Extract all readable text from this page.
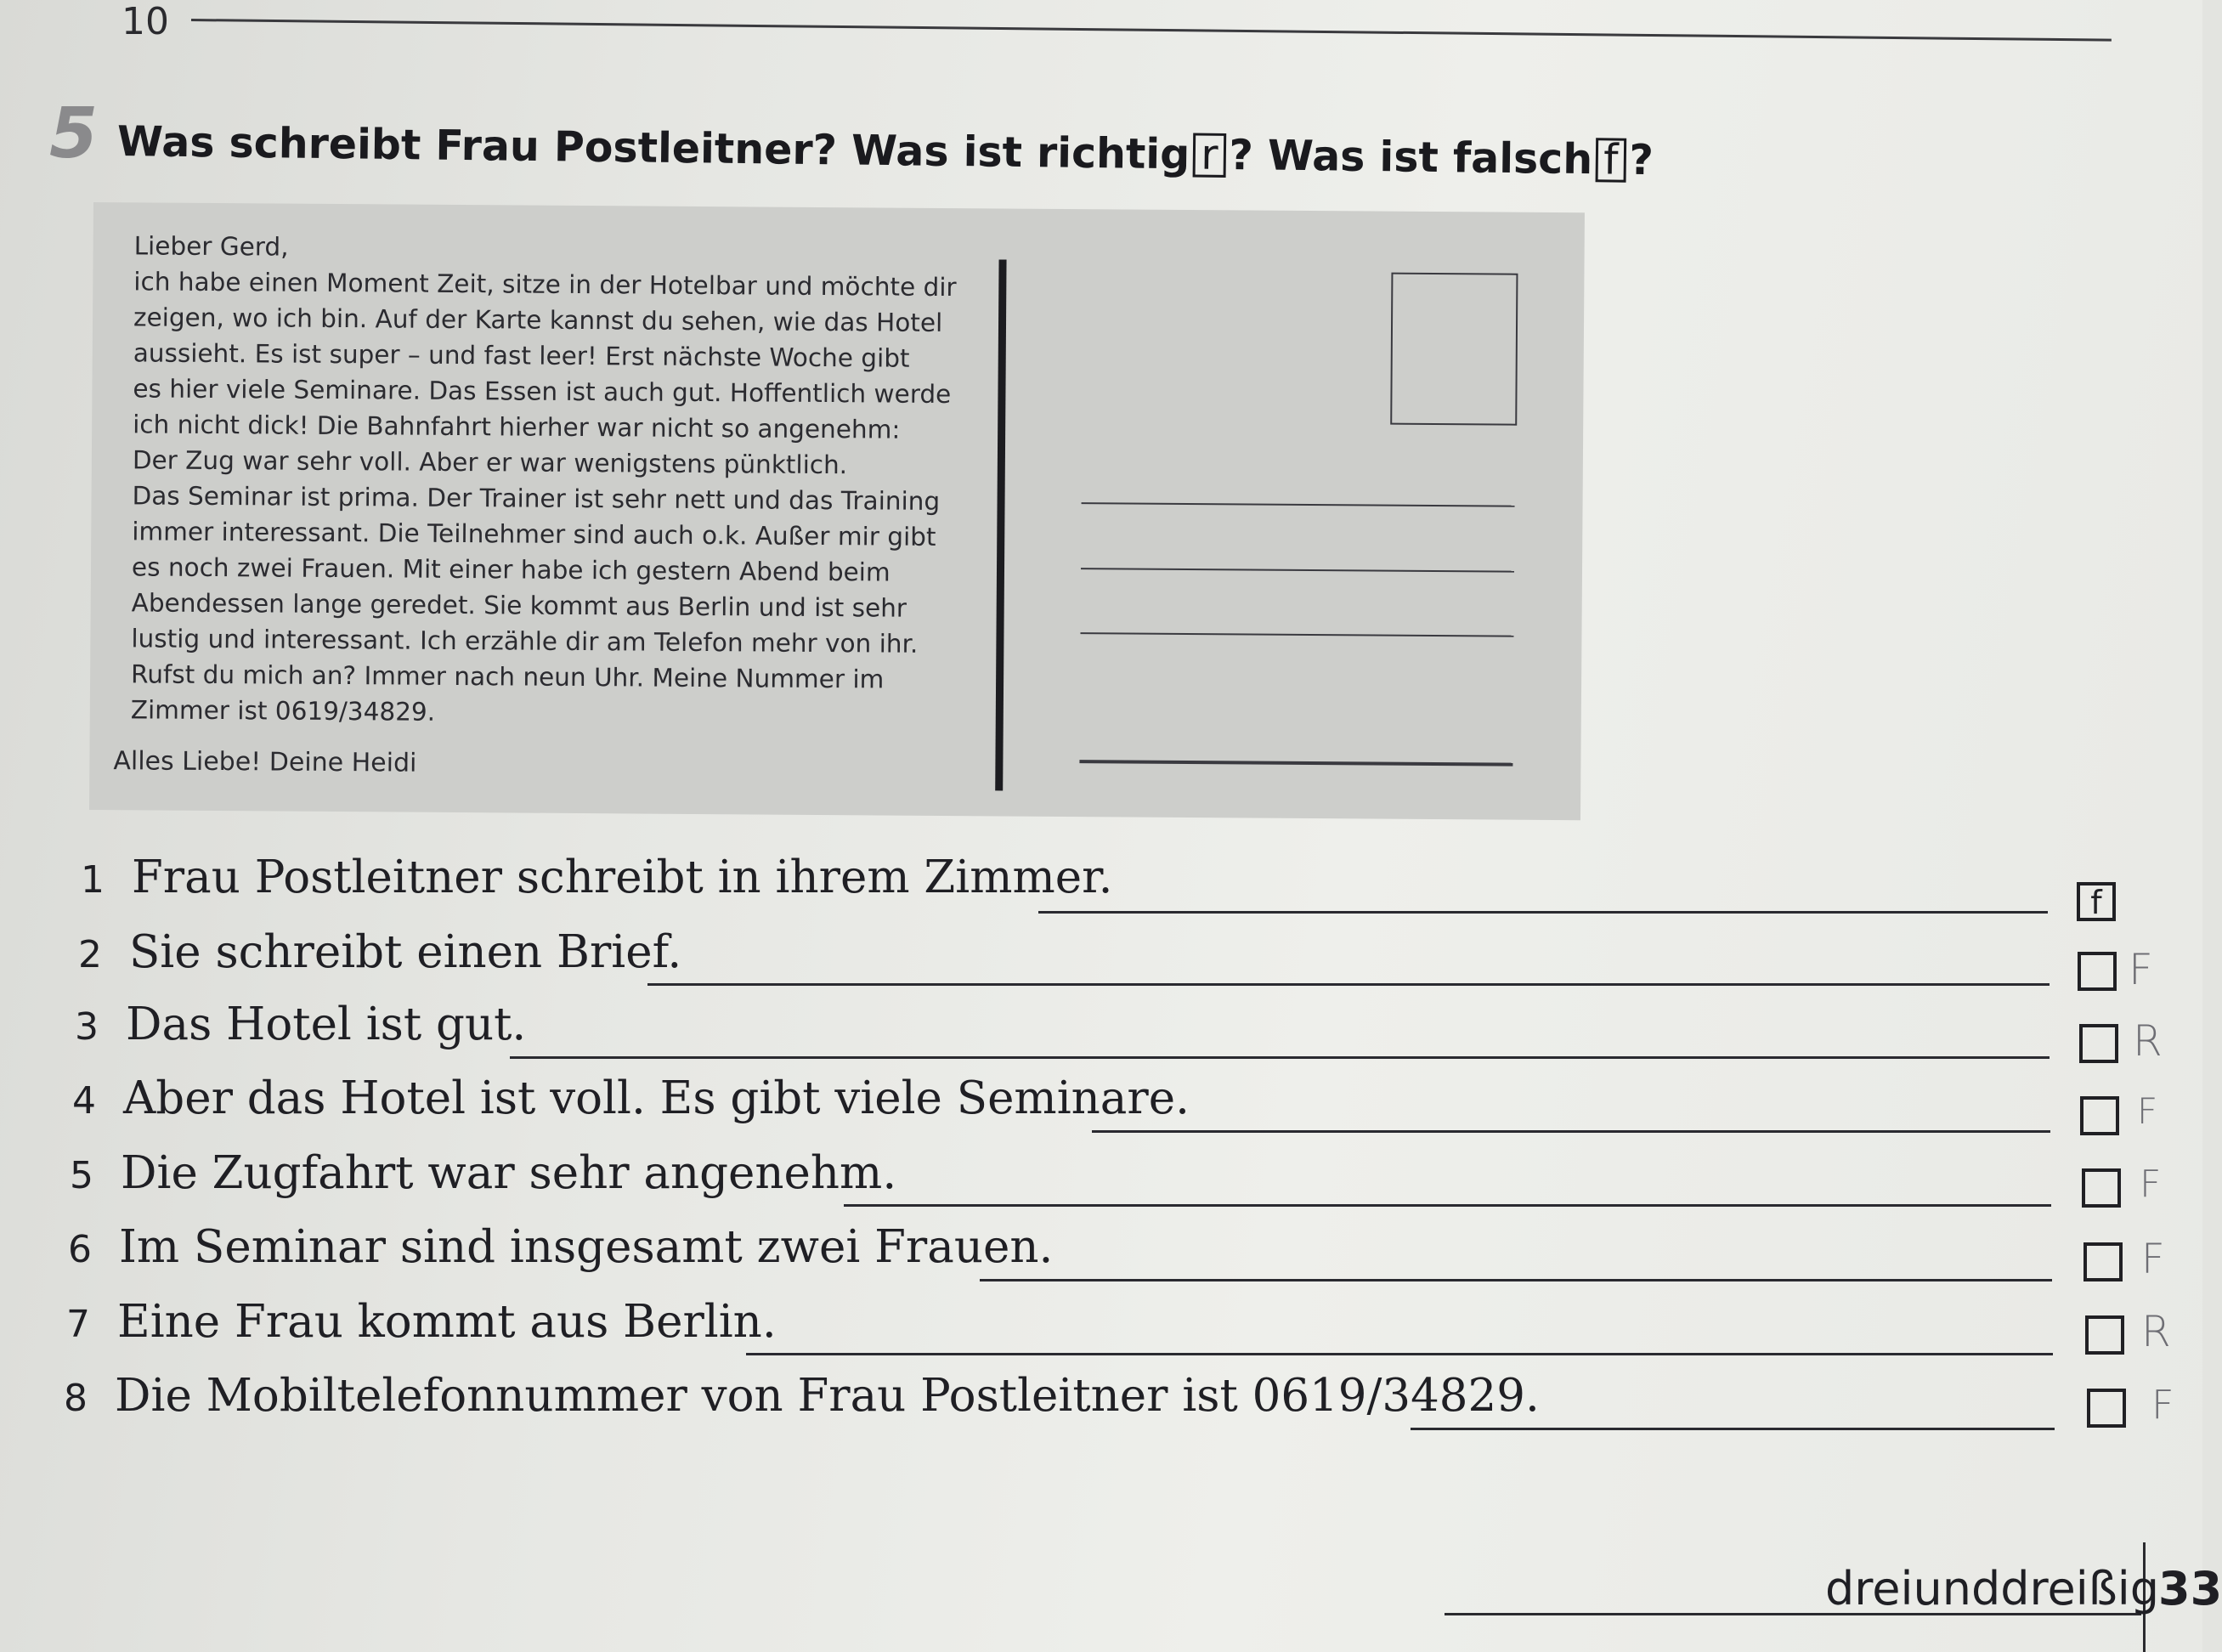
10
5 Was schreibt Frau Postleitner? Was ist richtig r ? Was ist falsch f ?
Lieber Gerd,
ich habe einen Moment Zeit, sitze in der Hotelbar und möchte dir
zeigen, wo ich bin. Auf der Karte kannst du sehen, wie das Hotel
aussieht. Es ist super – und fast leer! Erst nächste Woche gibt
es hier viele Seminare. Das Essen ist auch gut. Hoffentlich werde
ich nicht dick! Die Bahnfahrt hierher war nicht so angenehm:
Der Zug war sehr voll. Aber er war wenigstens pünktlich.
Das Seminar ist prima. Der Trainer ist sehr nett und das Training
immer interessant. Die Teilnehmer sind auch o.k. Außer mir gibt
es noch zwei Frauen. Mit einer habe ich gestern Abend beim
Abendessen lange geredet. Sie kommt aus Berlin und ist sehr
lustig und interessant. Ich erzähle dir am Telefon mehr von ihr.
Rufst du mich an? Immer nach neun Uhr. Meine Nummer im
Zimmer ist 0619/34829.
Alles Liebe! Deine Heidi
1 Frau Postleitner schreibt in ihrem Zimmer.	f
2 Sie schreibt einen Brief.	F
3 Das Hotel ist gut.	R
4 Aber das Hotel ist voll. Es gibt viele Seminare.	F
5 Die Zugfahrt war sehr angenehm.	F
6 Im Seminar sind insgesamt zwei Frauen.	F
7 Eine Frau kommt aus Berlin.	R
8 Die Mobiltelefonnummer von Frau Postleitner ist 0619/34829.	F
dreiunddreißig
33
